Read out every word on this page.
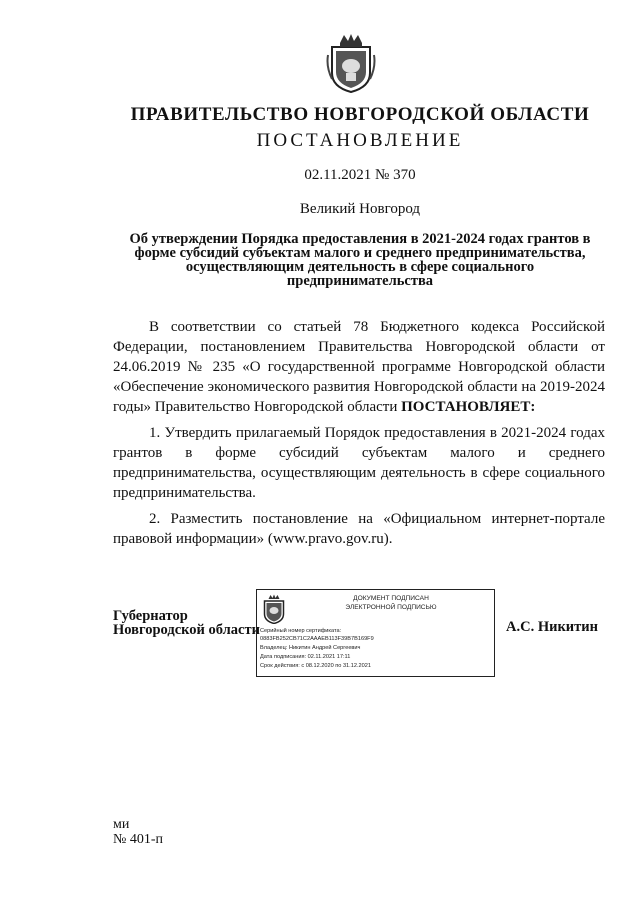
ПРАВИТЕЛЬСТВО НОВГОРОДСКОЙ ОБЛАСТИ
ПОСТАНОВЛЕНИЕ
02.11.2021 № 370
Великий Новгород
Об утверждении Порядка предоставления в 2021-2024 годах грантов в
форме субсидий субъектам малого и среднего предпринимательства,
осуществляющим деятельность в сфере социального
предпринимательства

В соответствии со статьей 78 Бюджетного кодекса Российской Федерации, постановлением Правительства Новгородской области от 24.06.2019 № 235 «О государственной программе Новгородской области «Обеспечение экономического развития Новгородской области на 2019-2024 годы» Правительство Новгородской области ПОСТАНОВЛЯЕТ:

1. Утвердить прилагаемый Порядок предоставления в 2021-2024 годах грантов в форме субсидий субъектам малого и среднего предпринимательства, осуществляющим деятельность в сфере социального предпринимательства.

2. Разместить постановление на «Официальном интернет-портале правовой информации» (www.pravo.gov.ru).

Губернатор
Новгородской области
ДОКУМЕНТ ПОДПИСАН
ЭЛЕКТРОННОЙ ПОДПИСЬЮ
Серийный номер сертификата:
0883FB252CB71C2AAAEB113F39B7B169F9
Владелец: Никитин Андрей Сергеевич
Дата подписания: 02.11.2021 17:11
Срок действия: с 08.12.2020 по 31.12.2021
А.С. Никитин
ми
№ 401-п
